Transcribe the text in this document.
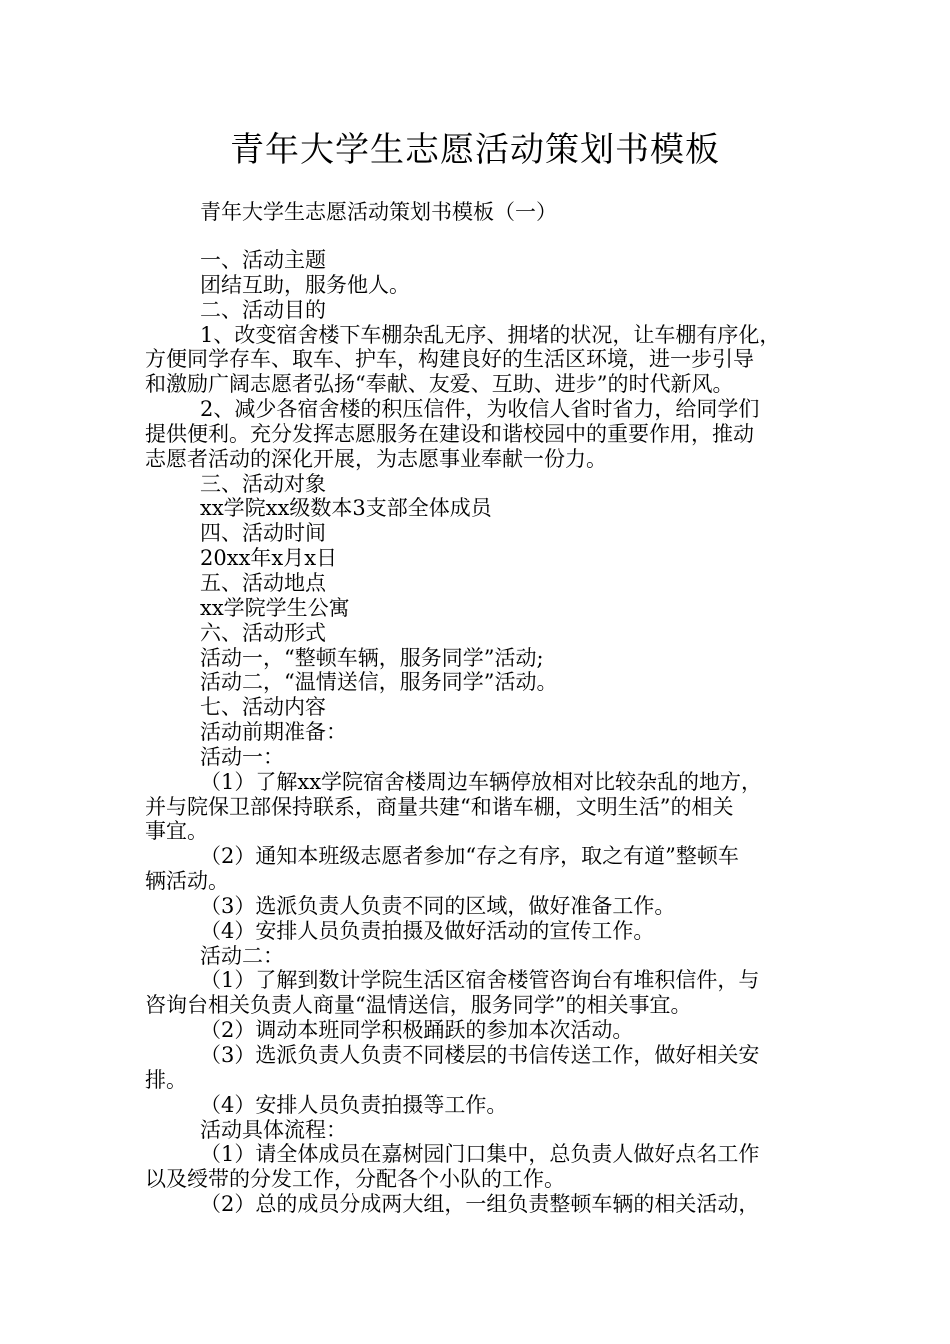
青年大学生志愿活动策划书模板
青年大学生志愿活动策划书模板（一）
一、活动主题
团结互助，服务他人。
二、活动目的
1、改变宿舍楼下车棚杂乱无序、拥堵的状况，让车棚有序化，
方便同学存车、取车、护车，构建良好的生活区环境，进一步引导
和激励广阔志愿者弘扬“奉献、友爱、互助、进步”的时代新风。
2、减少各宿舍楼的积压信件，为收信人省时省力，给同学们
提供便利。充分发挥志愿服务在建设和谐校园中的重要作用，推动
志愿者活动的深化开展，为志愿事业奉献一份力。
三、活动对象
xx学院xx级数本3支部全体成员
四、活动时间
20xx年x月x日
五、活动地点
xx学院学生公寓
六、活动形式
活动一，“整顿车辆，服务同学”活动;
活动二，“温情送信，服务同学”活动。
七、活动内容
活动前期准备：
活动一：
（1）了解xx学院宿舍楼周边车辆停放相对比较杂乱的地方，
并与院保卫部保持联系，商量共建“和谐车棚，文明生活”的相关
事宜。
（2）通知本班级志愿者参加“存之有序，取之有道”整顿车
辆活动。
（3）选派负责人负责不同的区域，做好准备工作。
（4）安排人员负责拍摄及做好活动的宣传工作。
活动二：
（1）了解到数计学院生活区宿舍楼管咨询台有堆积信件，与
咨询台相关负责人商量“温情送信，服务同学”的相关事宜。
（2）调动本班同学积极踊跃的参加本次活动。
（3）选派负责人负责不同楼层的书信传送工作，做好相关安
排。
（4）安排人员负责拍摄等工作。
活动具体流程：
（1）请全体成员在嘉树园门口集中，总负责人做好点名工作
以及绶带的分发工作，分配各个小队的工作。
（2）总的成员分成两大组，一组负责整顿车辆的相关活动，
